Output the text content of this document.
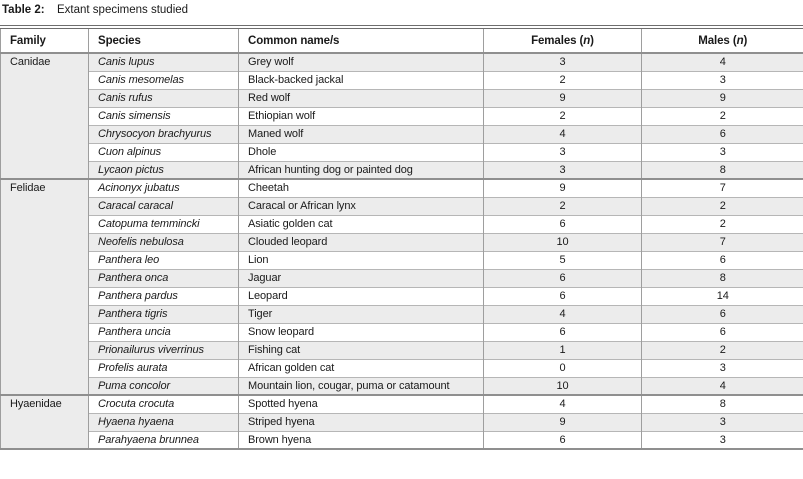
Table 2: Extant specimens studied
Family	Species	Common name/s	Females (n)	Males (n)
Canidae	Canis lupus	Grey wolf	3	4
	Canis mesomelas	Black-backed jackal	2	3
	Canis rufus	Red wolf	9	9
	Canis simensis	Ethiopian wolf	2	2
	Chrysocyon brachyurus	Maned wolf	4	6
	Cuon alpinus	Dhole	3	3
	Lycaon pictus	African hunting dog or painted dog	3	8
Felidae	Acinonyx jubatus	Cheetah	9	7
	Caracal caracal	Caracal or African lynx	2	2
	Catopuma temmincki	Asiatic golden cat	6	2
	Neofelis nebulosa	Clouded leopard	10	7
	Panthera leo	Lion	5	6
	Panthera onca	Jaguar	6	8
	Panthera pardus	Leopard	6	14
	Panthera tigris	Tiger	4	6
	Panthera uncia	Snow leopard	6	6
	Prionailurus viverrinus	Fishing cat	1	2
	Profelis aurata	African golden cat	0	3
	Puma concolor	Mountain lion, cougar, puma or catamount	10	4
Hyaenidae	Crocuta crocuta	Spotted hyena	4	8
	Hyaena hyaena	Striped hyena	9	3
	Parahyaena brunnea	Brown hyena	6	3
